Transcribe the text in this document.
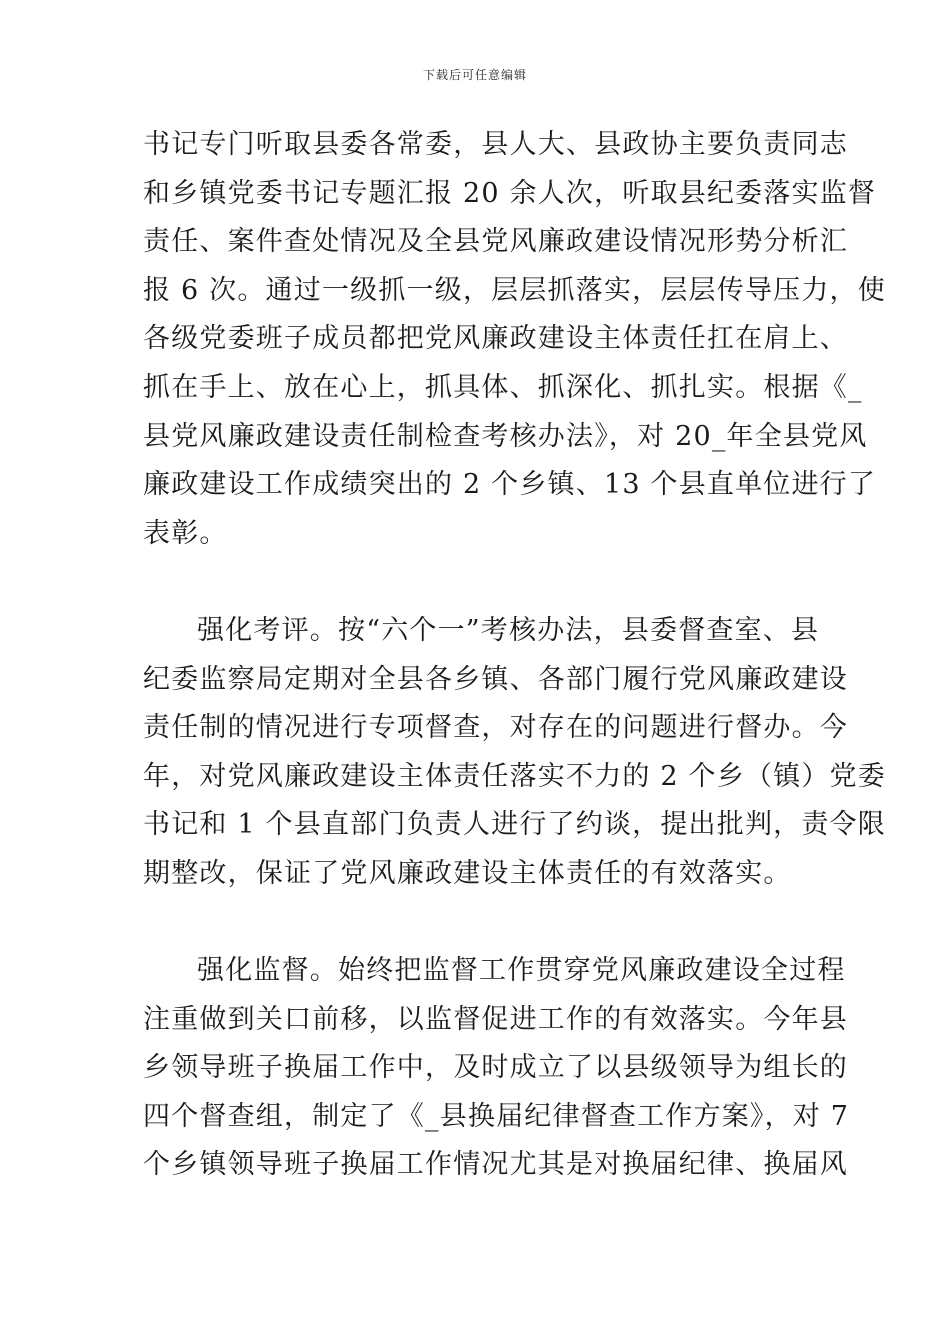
下载后可任意编辑
书记专门听取县委各常委，县人大、县政协主要负责同志
和乡镇党委书记专题汇报 20 余人次，听取县纪委落实监督
责任、案件查处情况及全县党风廉政建设情况形势分析汇
报 6 次。通过一级抓一级，层层抓落实，层层传导压力，使
各级党委班子成员都把党风廉政建设主体责任扛在肩上、
抓在手上、放在心上，抓具体、抓深化、抓扎实。根据《_
县党风廉政建设责任制检查考核办法》，对 20_年全县党风
廉政建设工作成绩突出的 2 个乡镇、13 个县直单位进行了
表彰。
强化考评。按“六个一”考核办法，县委督查室、县
纪委监察局定期对全县各乡镇、各部门履行党风廉政建设
责任制的情况进行专项督查，对存在的问题进行督办。今
年，对党风廉政建设主体责任落实不力的 2 个乡（镇）党委
书记和 1 个县直部门负责人进行了约谈，提出批判，责令限
期整改，保证了党风廉政建设主体责任的有效落实。
强化监督。始终把监督工作贯穿党风廉政建设全过程
注重做到关口前移，以监督促进工作的有效落实。今年县
乡领导班子换届工作中，及时成立了以县级领导为组长的
四个督查组，制定了《_县换届纪律督查工作方案》，对 7
个乡镇领导班子换届工作情况尤其是对换届纪律、换届风
